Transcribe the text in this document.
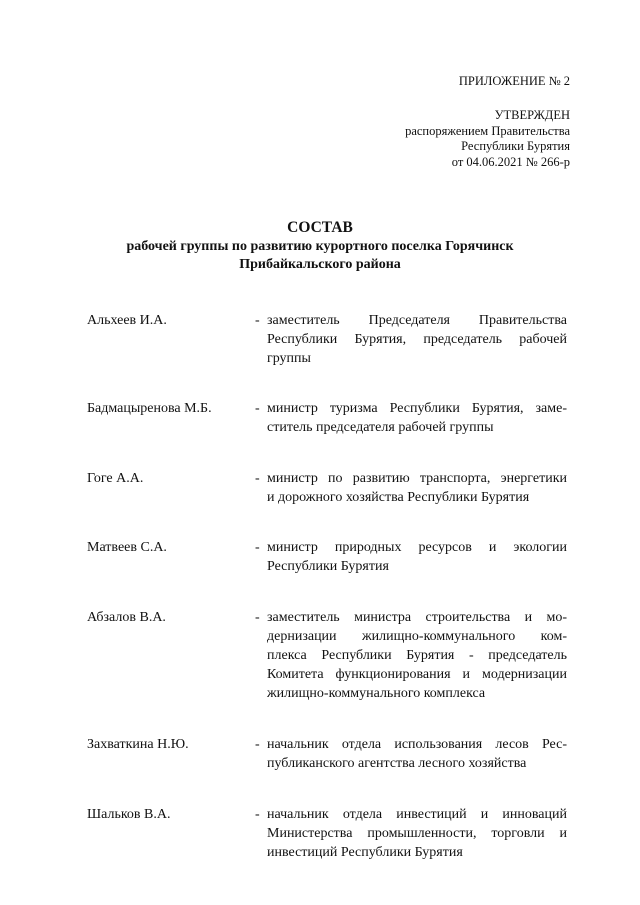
ПРИЛОЖЕНИЕ № 2
УТВЕРЖДЕН
распоряжением Правительства
Республики Бурятия
от 04.06.2021 № 266-р
СОСТАВ
рабочей группы по развитию курортного поселка Горячинск
Прибайкальского района
Альхеев И.А.	- заместитель Председателя Правительства
Республики Бурятия, председатель рабочей
группы
Бадмацыренова М.Б.	- министр туризма Республики Бурятия, заме-
ститель председателя рабочей группы
Гоге А.А.	- министр по развитию транспорта, энергетики
и дорожного хозяйства Республики Бурятия
Матвеев С.А.	- министр природных ресурсов и экологии
Республики Бурятия
Абзалов В.А.	- заместитель министра строительства и мо-
дернизации жилищно-коммунального ком-
плекса Республики Бурятия - председатель
Комитета функционирования и модернизации
жилищно-коммунального комплекса
Захваткина Н.Ю.	- начальник отдела использования лесов Рес-
публиканского агентства лесного хозяйства
Шальков В.А.	- начальник отдела инвестиций и инноваций
Министерства промышленности, торговли и
инвестиций Республики Бурятия
